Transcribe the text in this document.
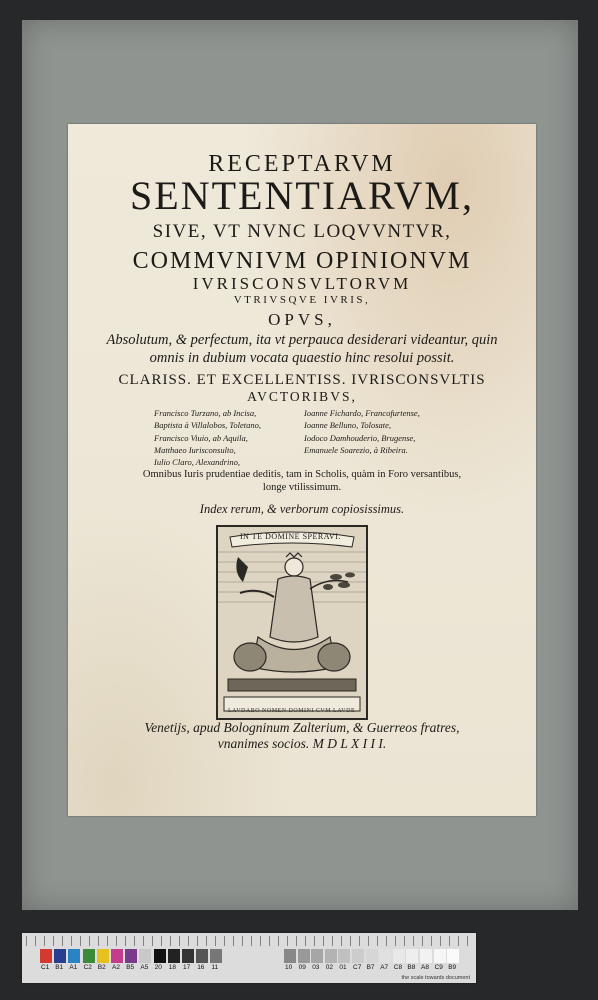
RECEPTARVM
SENTENTIARVM,
SIVE, VT NVNC LOQVVNTVR,
COMMVNIVM OPINIONVM
IVRISCONSVLTORVM
VTRIVSQVE IVRIS,
OPVS,
Absolutum, & perfectum, ita vt perpauca desiderari videantur, quin
omnis in dubium vocata quaestio hinc resolui possit.
CLARISS. ET EXCELLENTISS. IVRISCONSVLTIS
AVCTORIBVS,
Francisco Turzano, ab Incisa,
Baptista à Villalobos, Toletano,
Francisco Viuio, ab Aquila,
Matthaeo Iurisconsulto,
Iulio Claro, Alexandrino,
Ioanne Fichardo, Francofurtense,
Ioanne Belluno, Tolosate,
Iodoco Damhouderio, Brugense,
Emanuele Soarezio, à Ribeira.
Omnibus Iuris prudentiae deditis, tam in Scholis, quàm in Foro versantibus,
longe vtilissimum.
Index rerum, & verborum copiosissimus.
IN TE DOMINE SPERAVI.
LAVDABO NOMEN DOMINI CVM LAVDE
Venetijs, apud Bologninum Zalterium, & Guerreos fratres,
vnanimes socios. M D L X I I I.
C1 B1 A1 C2 B2 A2 B5 A5 20 18 17 16 11	10 09 03 02 01 C7 B7 A7 C8 B8 A8 C9 B9
the scale towards document
